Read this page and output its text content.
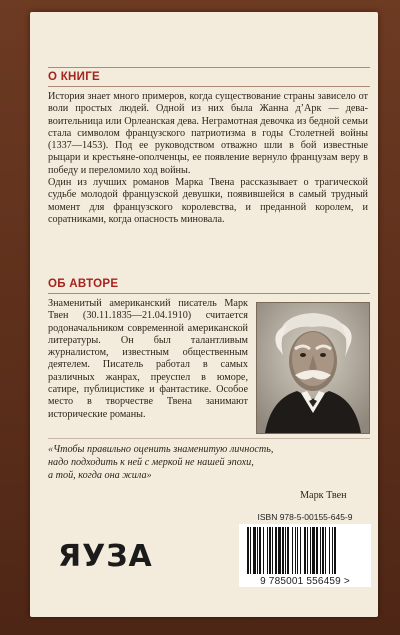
О КНИГЕ
История знает много примеров, когда существование страны зависело от воли простых людей. Одной из них была Жанна д’Арк — дева-воительница или Орлеанская дева. Неграмотная девочка из бедной семьи стала символом французского патриотизма в годы Столетней войны (1337—1453). Под ее руководством отважно шли в бой известные рыцари и крестьяне-ополченцы, ее появление вернуло французам веру в победу и переломило ход войны.
Один из лучших романов Марка Твена рассказывает о трагической судьбе молодой французской девушки, появившейся в самый трудный момент для французского королевства, и преданной королем, и соратниками, когда опасность миновала.
ОБ АВТОРЕ
Знаменитый американский писатель Марк Твен (30.11.1835—21.04.1910) считается родоначальником современной американской литературы. Он был талантливым журналистом, известным общественным деятелем. Писатель работал в самых различных жанрах, преуспел в юморе, сатире, публицистике и фантастике. Особое место в творчестве Твена занимают исторические романы.
«Чтобы правильно оценить знаменитую личность,
надо подходить к ней с меркой не нашей эпохи,
а той, когда она жила»
Марк Твен
ЯУЗА
ISBN 978-5-00155-645-9
9 785001 556459 >
